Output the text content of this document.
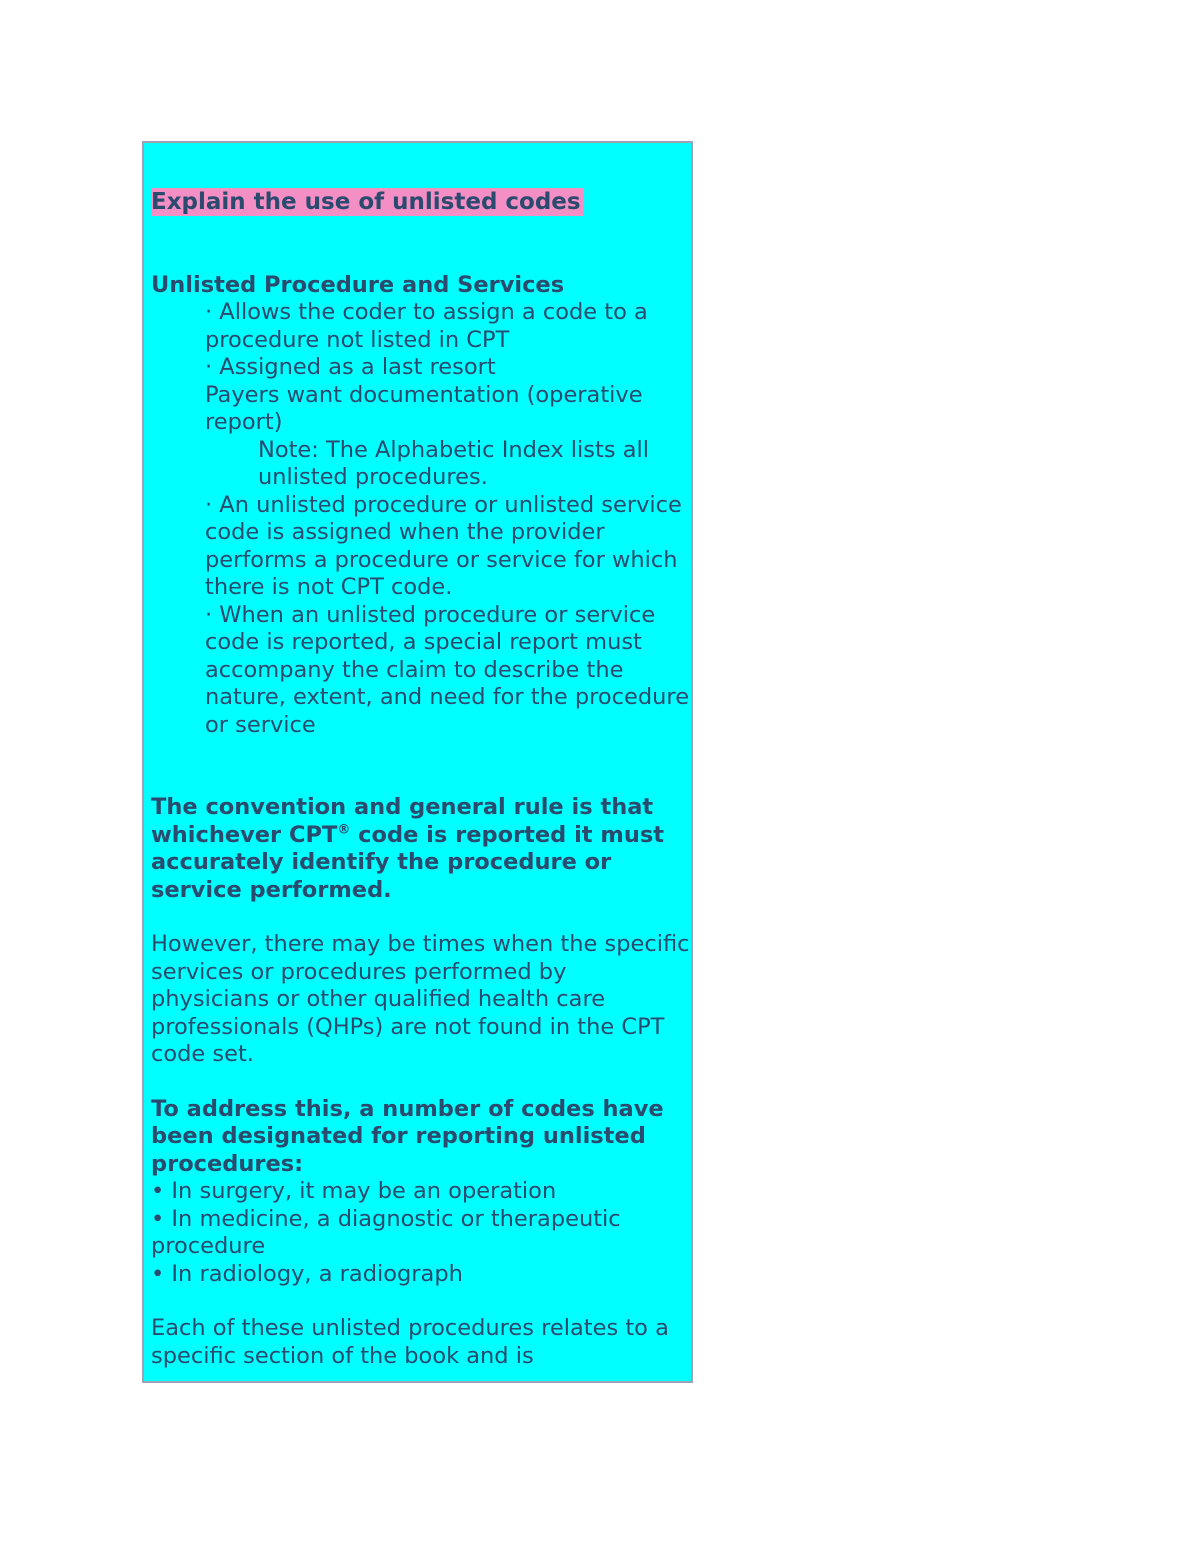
Explain the use of unlisted codes

Unlisted Procedure and Services

· Allows the coder to assign a code to a procedure not listed in CPT

· Assigned as a last resort

Payers want documentation (operative report)

Note: The Alphabetic Index lists all unlisted procedures.

· An unlisted procedure or unlisted service code is assigned when the provider performs a procedure or service for which there is not CPT code.

· When an unlisted procedure or service code is reported, a special report must accompany the claim to describe the nature, extent, and need for the procedure or service

The convention and general rule is that whichever CPT® code is reported it must accurately identify the procedure or service performed.

However, there may be times when the specific services or procedures performed by physicians or other qualified health care professionals (QHPs) are not found in the CPT code set.

To address this, a number of codes have been designated for reporting unlisted procedures:

• In surgery, it may be an operation

• In medicine, a diagnostic or therapeutic procedure

• In radiology, a radiograph

Each of these unlisted procedures relates to a specific section of the book and is
